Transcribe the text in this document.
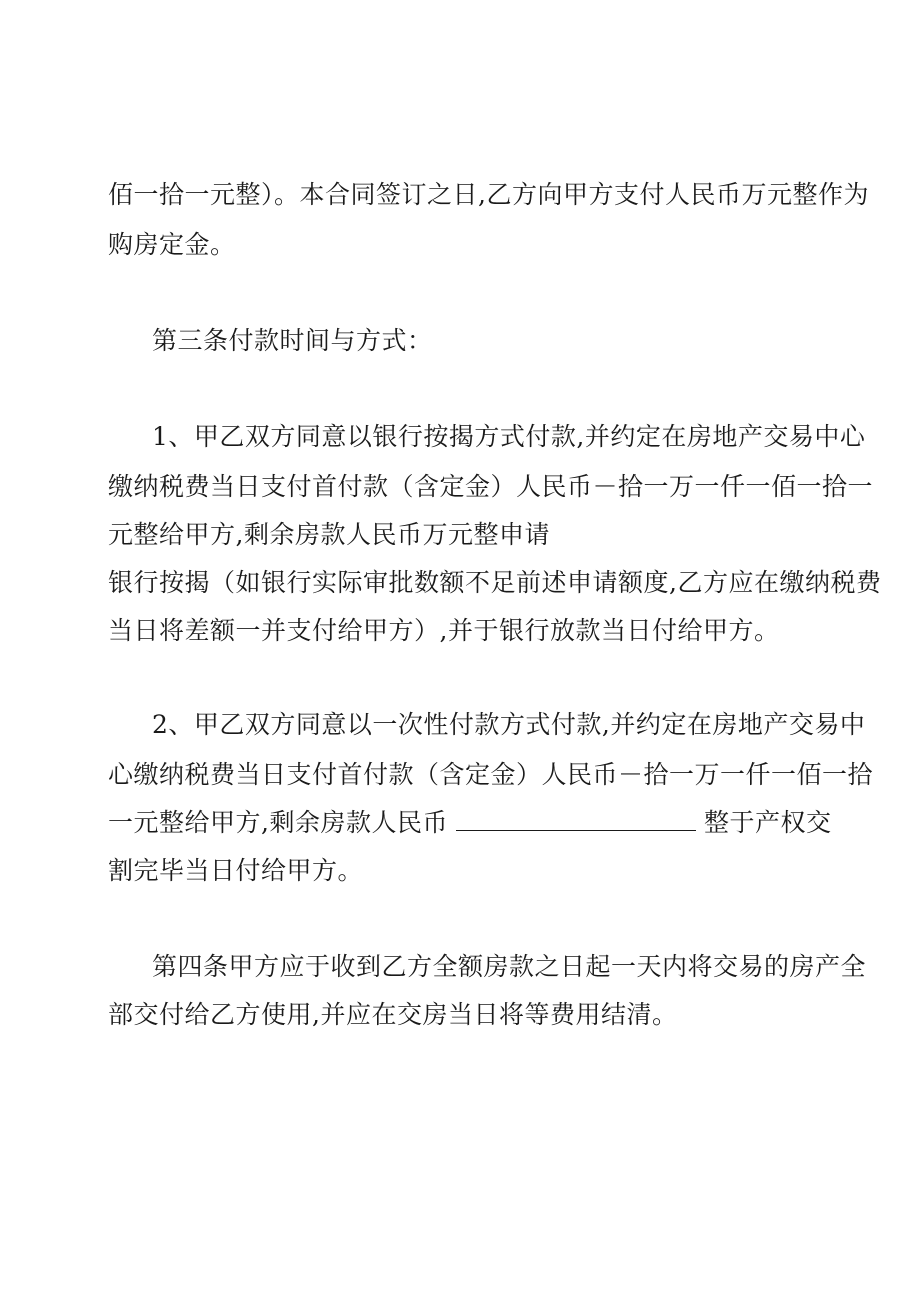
佰一拾一元整）。本合同签订之日,乙方向甲方支付人民币万元整作为
购房定金。
第三条付款时间与方式：
1、甲乙双方同意以银行按揭方式付款,并约定在房地产交易中心
缴纳税费当日支付首付款（含定金）人民币－拾一万一仟一佰一拾一
元整给甲方,剩余房款人民币万元整申请
银行按揭（如银行实际审批数额不足前述申请额度,乙方应在缴纳税费
当日将差额一并支付给甲方）,并于银行放款当日付给甲方。
2、甲乙双方同意以一次性付款方式付款,并约定在房地产交易中
心缴纳税费当日支付首付款（含定金）人民币－拾一万一仟一佰一拾
一元整给甲方,剩余房款人民币	整于产权交
割完毕当日付给甲方。
第四条甲方应于收到乙方全额房款之日起一天内将交易的房产全
部交付给乙方使用,并应在交房当日将等费用结清。
